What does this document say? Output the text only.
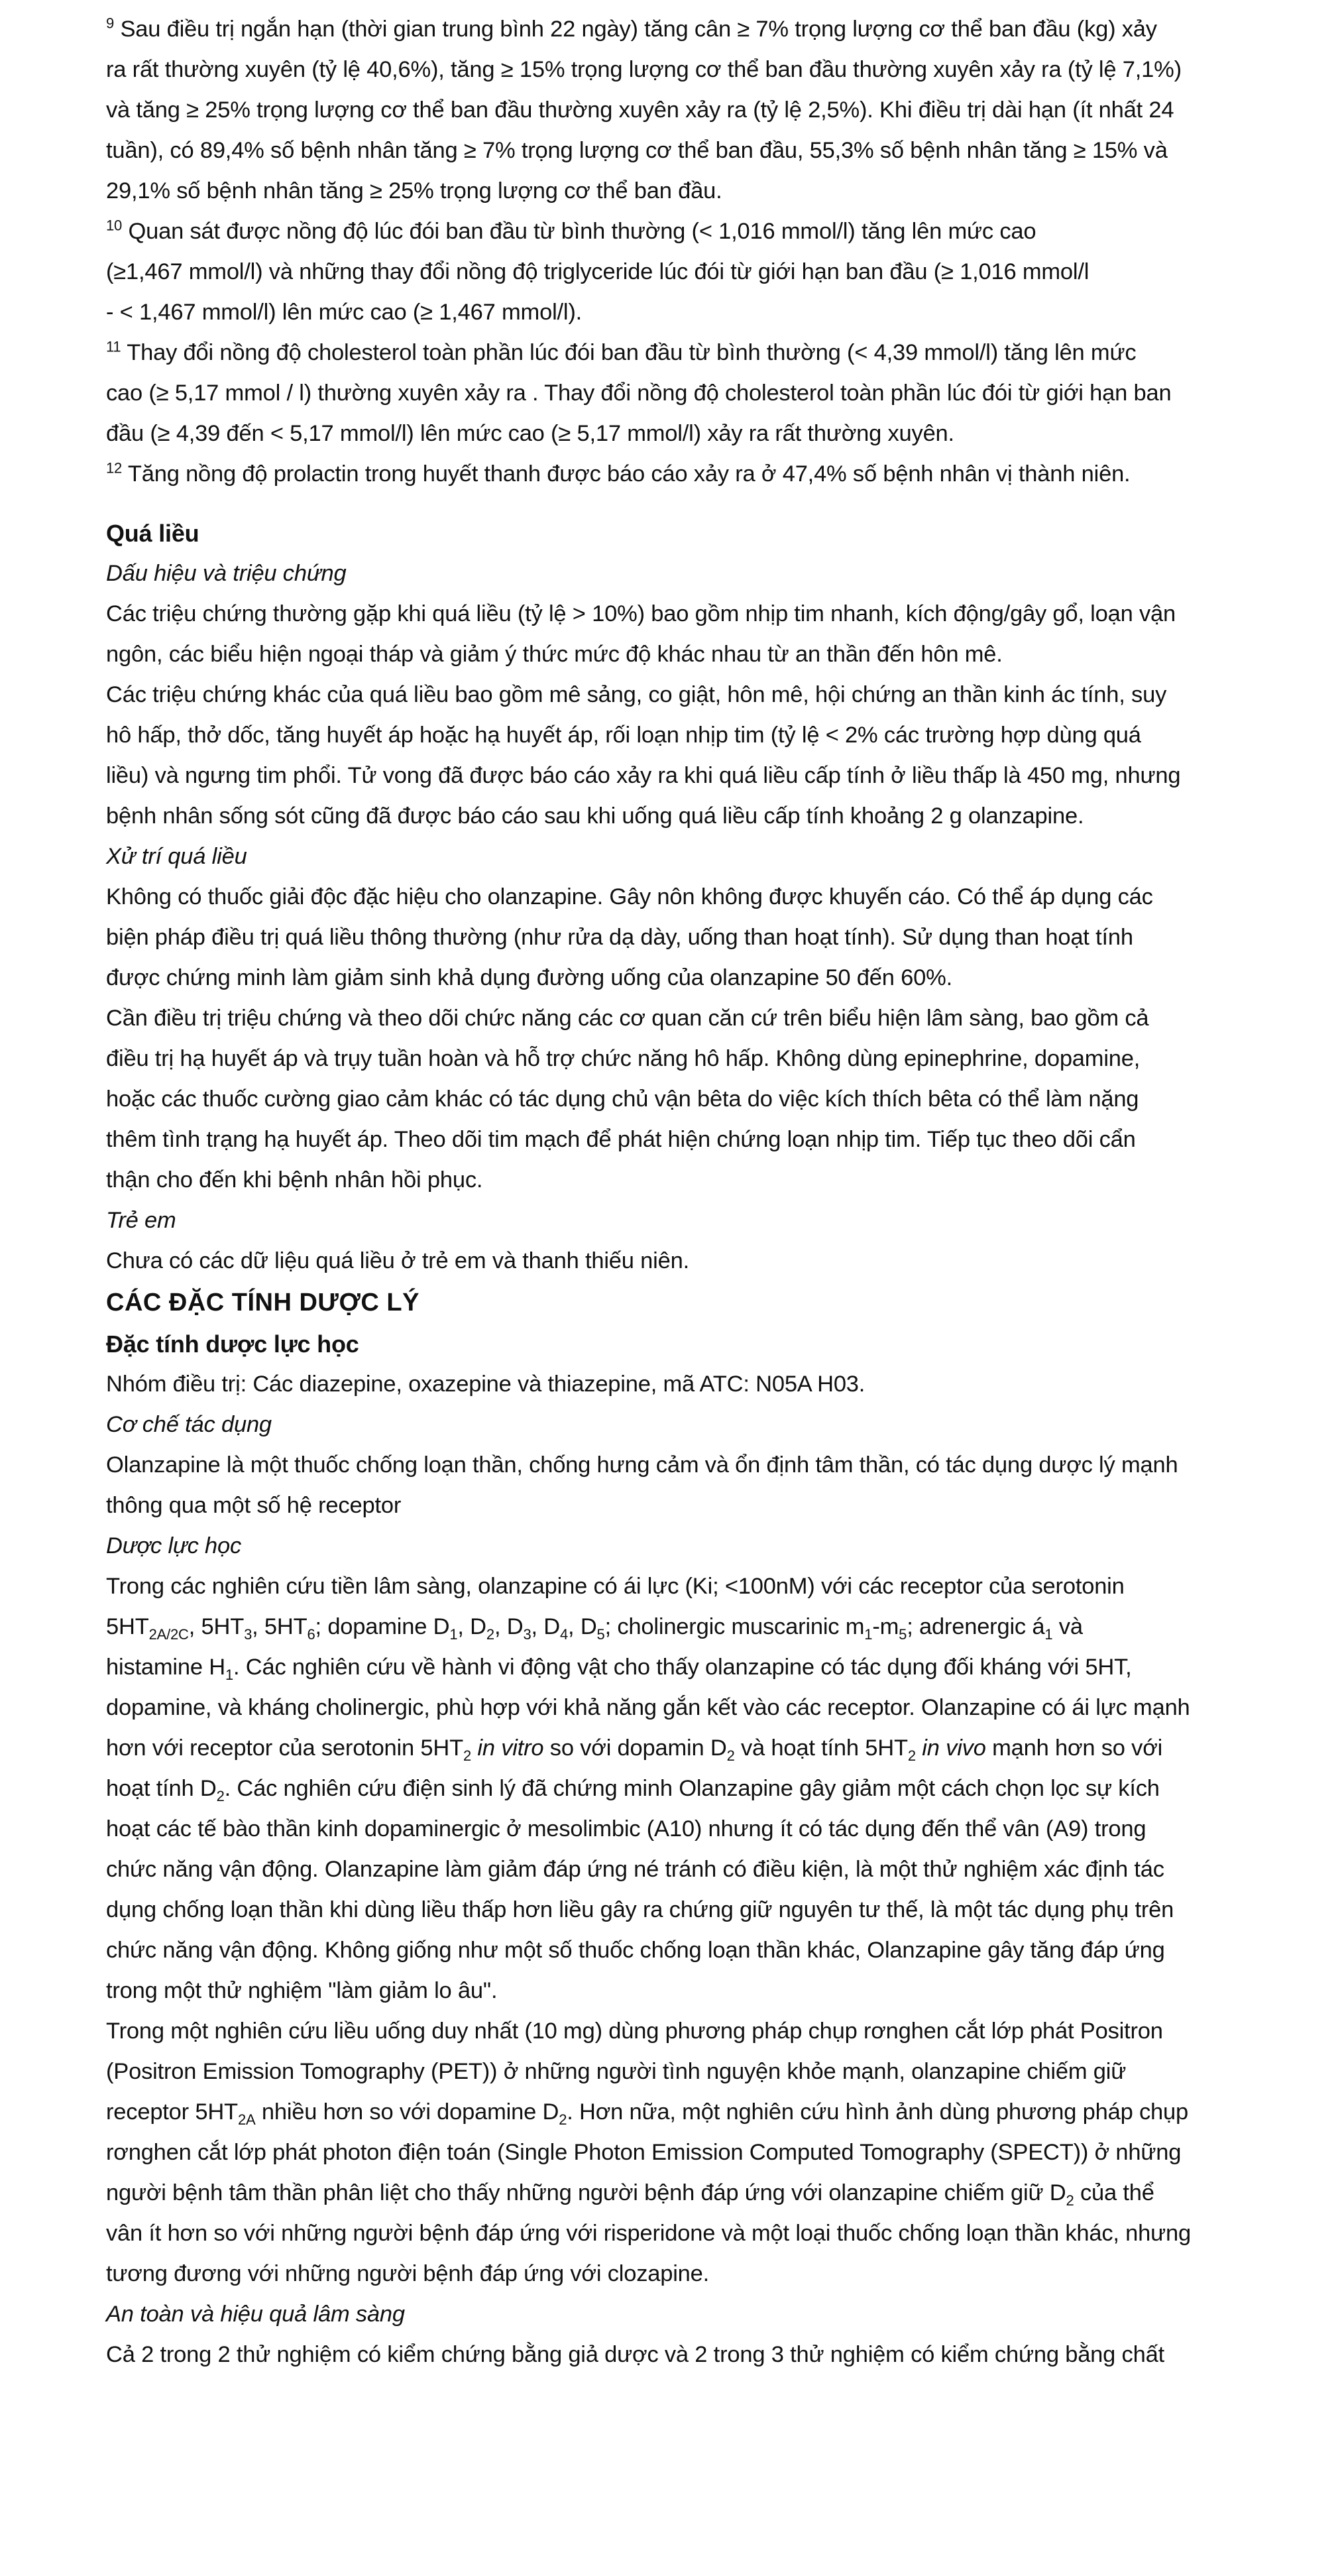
$^9$ Sau điều trị ngắn hạn (thời gian trung bình 22 ngày) tăng cân ≥ 7% trọng lượng cơ thể ban đầu (kg) xảy

ra rất thường xuyên (tỷ lệ 40,6%), tăng ≥ 15% trọng lượng cơ thể ban đầu thường xuyên xảy ra (tỷ lệ 7,1%)

và tăng ≥ 25% trọng lượng cơ thể ban đầu thường xuyên xảy ra (tỷ lệ 2,5%). Khi điều trị dài hạn (ít nhất 24

tuần), có 89,4% số bệnh nhân tăng ≥ 7% trọng lượng cơ thể ban đầu, 55,3% số bệnh nhân tăng ≥ 15% và

29,1% số bệnh nhân tăng ≥ 25% trọng lượng cơ thể ban đầu.

$^{10}$ Quan sát được nồng độ lúc đói ban đầu từ bình thường (< 1,016 mmol/l) tăng lên mức cao

(≥1,467 mmol/l) và những thay đổi nồng độ triglyceride lúc đói từ giới hạn ban đầu (≥ 1,016 mmol/l

- < 1,467 mmol/l) lên mức cao (≥ 1,467 mmol/l).

$^{11}$ Thay đổi nồng độ cholesterol toàn phần lúc đói ban đầu từ bình thường (< 4,39 mmol/l) tăng lên mức

cao (≥ 5,17 mmol / l) thường xuyên xảy ra . Thay đổi nồng độ cholesterol toàn phần lúc đói từ giới hạn ban

đầu (≥ 4,39 đến < 5,17 mmol/l) lên mức cao (≥ 5,17 mmol/l) xảy ra rất thường xuyên.

$^{12}$ Tăng nồng độ prolactin trong huyết thanh được báo cáo xảy ra ở 47,4% số bệnh nhân vị thành niên.

Quá liều

Dấu hiệu và triệu chứng

Các triệu chứng thường gặp khi quá liều (tỷ lệ > 10%) bao gồm nhịp tim nhanh, kích động/gây gổ, loạn vận

ngôn, các biểu hiện ngoại tháp và giảm ý thức mức độ khác nhau từ an thần đến hôn mê.

Các triệu chứng khác của quá liều bao gồm mê sảng, co giật, hôn mê, hội chứng an thần kinh ác tính, suy

hô hấp, thở dốc, tăng huyết áp hoặc hạ huyết áp, rối loạn nhịp tim (tỷ lệ < 2% các trường hợp dùng quá

liều) và ngưng tim phổi. Tử vong đã được báo cáo xảy ra khi quá liều cấp tính ở liều thấp là 450 mg, nhưng

bệnh nhân sống sót cũng đã được báo cáo sau khi uống quá liều cấp tính khoảng 2 g olanzapine.

Xử trí quá liều

Không có thuốc giải độc đặc hiệu cho olanzapine. Gây nôn không được khuyến cáo. Có thể áp dụng các

biện pháp điều trị quá liều thông thường (như rửa dạ dày, uống than hoạt tính). Sử dụng than hoạt tính

được chứng minh làm giảm sinh khả dụng đường uống của olanzapine 50 đến 60%.

Cần điều trị triệu chứng và theo dõi chức năng các cơ quan căn cứ trên biểu hiện lâm sàng, bao gồm cả

điều trị hạ huyết áp và trụy tuần hoàn và hỗ trợ chức năng hô hấp. Không dùng epinephrine, dopamine,

hoặc các thuốc cường giao cảm khác có tác dụng chủ vận bêta do việc kích thích bêta có thể làm nặng

thêm tình trạng hạ huyết áp. Theo dõi tim mạch để phát hiện chứng loạn nhịp tim. Tiếp tục theo dõi cẩn

thận cho đến khi bệnh nhân hồi phục.

Trẻ em

Chưa có các dữ liệu quá liều ở trẻ em và thanh thiếu niên.

CÁC ĐẶC TÍNH DƯỢC LÝ

Đặc tính dược lực học

Nhóm điều trị: Các diazepine, oxazepine và thiazepine, mã ATC: N05A H03.

Cơ chế tác dụng

Olanzapine là một thuốc chống loạn thần, chống hưng cảm và ổn định tâm thần, có tác dụng dược lý mạnh

thông qua một số hệ receptor

Dược lực học

Trong các nghiên cứu tiền lâm sàng, olanzapine có ái lực (Ki; <100nM) với các receptor của serotonin

$5HT_{2A/2C}$, $5HT_3$, $5HT_6$; dopamine $D_1$, $D_2$, $D_3$, $D_4$, $D_5$; cholinergic muscarinic $m_1-m_5$; adrenergic $á_1$ và

histamine $H_1$. Các nghiên cứu về hành vi động vật cho thấy olanzapine có tác dụng đối kháng với 5HT,

dopamine, và kháng cholinergic, phù hợp với khả năng gắn kết vào các receptor. Olanzapine có ái lực mạnh

hơn với receptor của serotonin $5HT_2$ in vitro so với dopamin $D_2$ và hoạt tính $5HT_2$ in vivo mạnh hơn so với

hoạt tính $D_2$. Các nghiên cứu điện sinh lý đã chứng minh Olanzapine gây giảm một cách chọn lọc sự kích

hoạt các tế bào thần kinh dopaminergic ở mesolimbic (A10) nhưng ít có tác dụng đến thể vân (A9) trong

chức năng vận động. Olanzapine làm giảm đáp ứng né tránh có điều kiện, là một thử nghiệm xác định tác

dụng chống loạn thần khi dùng liều thấp hơn liều gây ra chứng giữ nguyên tư thế, là một tác dụng phụ trên

chức năng vận động. Không giống như một số thuốc chống loạn thần khác, Olanzapine gây tăng đáp ứng

trong một thử nghiệm "làm giảm lo âu".

Trong một nghiên cứu liều uống duy nhất (10 mg) dùng phương pháp chụp rơnghen cắt lớp phát Positron

(Positron Emission Tomography (PET)) ở những người tình nguyện khỏe mạnh, olanzapine chiếm giữ

receptor $5HT_{2A}$ nhiều hơn so với dopamine $D_2$. Hơn nữa, một nghiên cứu hình ảnh dùng phương pháp chụp

rơnghen cắt lớp phát photon điện toán (Single Photon Emission Computed Tomography (SPECT)) ở những

người bệnh tâm thần phân liệt cho thấy những người bệnh đáp ứng với olanzapine chiếm giữ $D_2$ của thể

vân ít hơn so với những người bệnh đáp ứng với risperidone và một loại thuốc chống loạn thần khác, nhưng

tương đương với những người bệnh đáp ứng với clozapine.

An toàn và hiệu quả lâm sàng

Cả 2 trong 2 thử nghiệm có kiểm chứng bằng giả dược và 2 trong 3 thử nghiệm có kiểm chứng bằng chất
